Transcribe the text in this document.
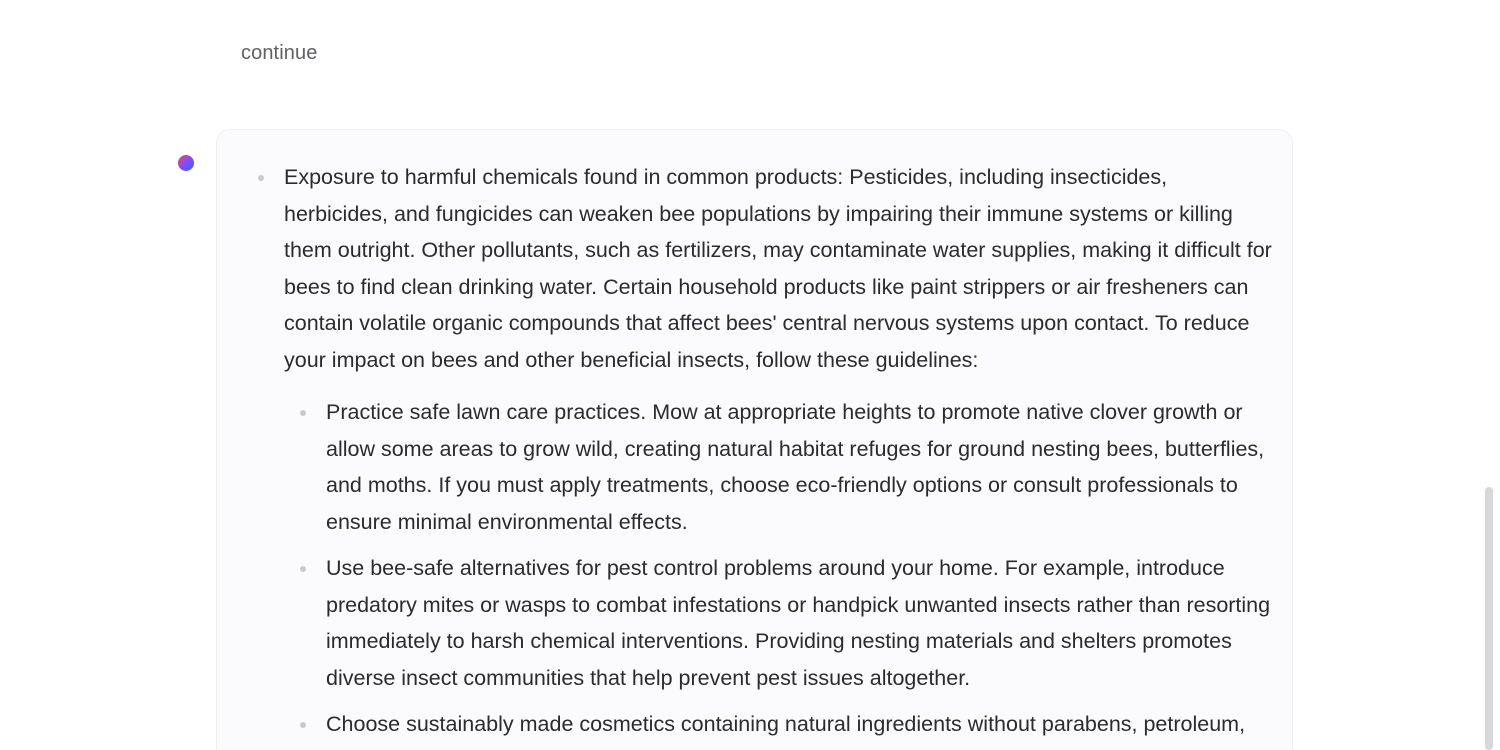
continue
Exposure to harmful chemicals found in common products: Pesticides, including insecticides, herbicides, and fungicides can weaken bee populations by impairing their immune systems or killing them outright. Other pollutants, such as fertilizers, may contaminate water supplies, making it difficult for bees to find clean drinking water. Certain household products like paint strippers or air fresheners can contain volatile organic compounds that affect bees' central nervous systems upon contact. To reduce your impact on bees and other beneficial insects, follow these guidelines:
Practice safe lawn care practices. Mow at appropriate heights to promote native clover growth or allow some areas to grow wild, creating natural habitat refuges for ground nesting bees, butterflies, and moths. If you must apply treatments, choose eco-friendly options or consult professionals to ensure minimal environmental effects.
Use bee-safe alternatives for pest control problems around your home. For example, introduce predatory mites or wasps to combat infestations or handpick unwanted insects rather than resorting immediately to harsh chemical interventions. Providing nesting materials and shelters promotes diverse insect communities that help prevent pest issues altogether.
Choose sustainably made cosmetics containing natural ingredients without parabens, petroleum,
